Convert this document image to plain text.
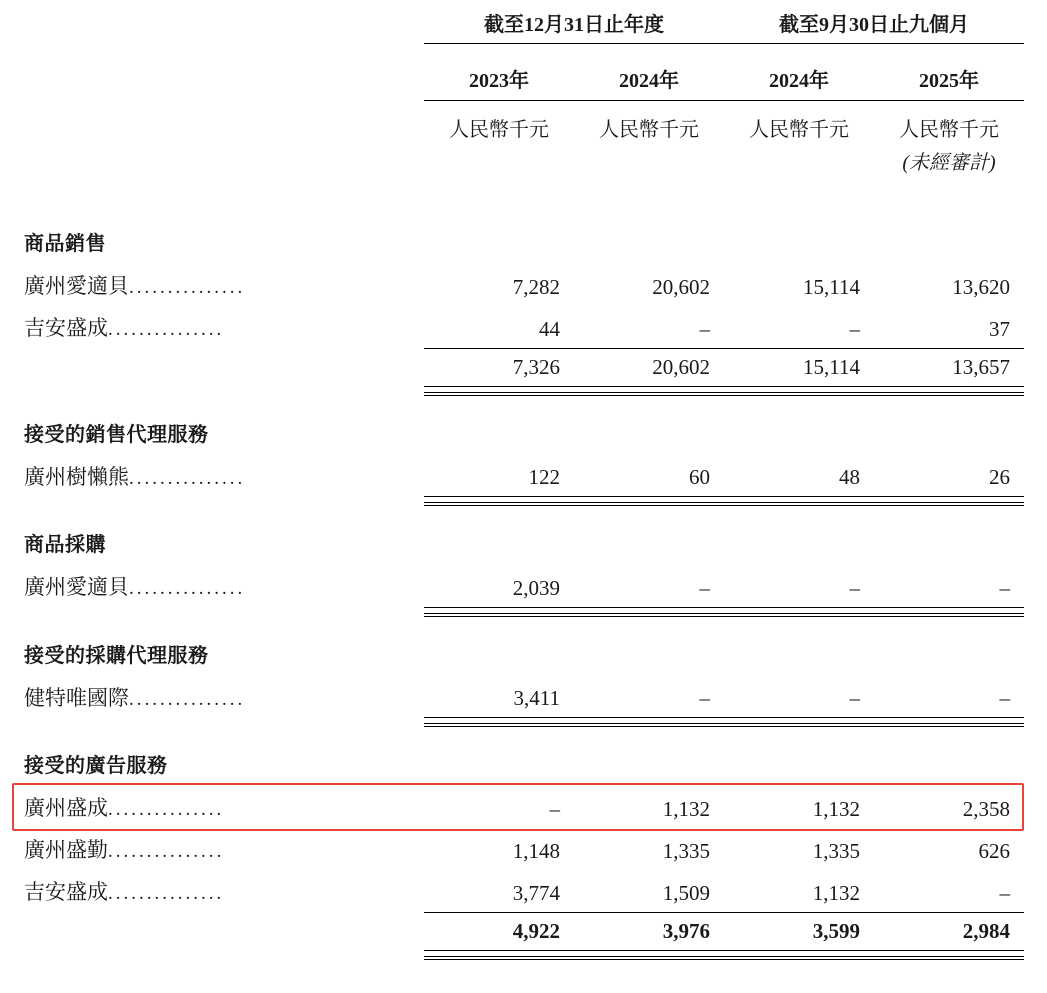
	截至12月31日止年度		截至9月30日止九個月	

	2023年	2024年	2024年	2025年
	人民幣千元	人民幣千元	人民幣千元	人民幣千元
				(未經審計)

商品銷售				
廣州愛適貝...............	7,282	20,602	15,114	13,620
吉安盛成...............	44	–	–	37
	7,326	20,602	15,114	13,657

接受的銷售代理服務				
廣州樹懶熊...............	122	60	48	26

商品採購				
廣州愛適貝...............	2,039	–	–	–

接受的採購代理服務				
健特唯國際...............	3,411	–	–	–

接受的廣告服務				
廣州盛成...............	–	1,132	1,132	2,358
廣州盛勤...............	1,148	1,335	1,335	626
吉安盛成...............	3,774	1,509	1,132	–
	4,922	3,976	3,599	2,984
